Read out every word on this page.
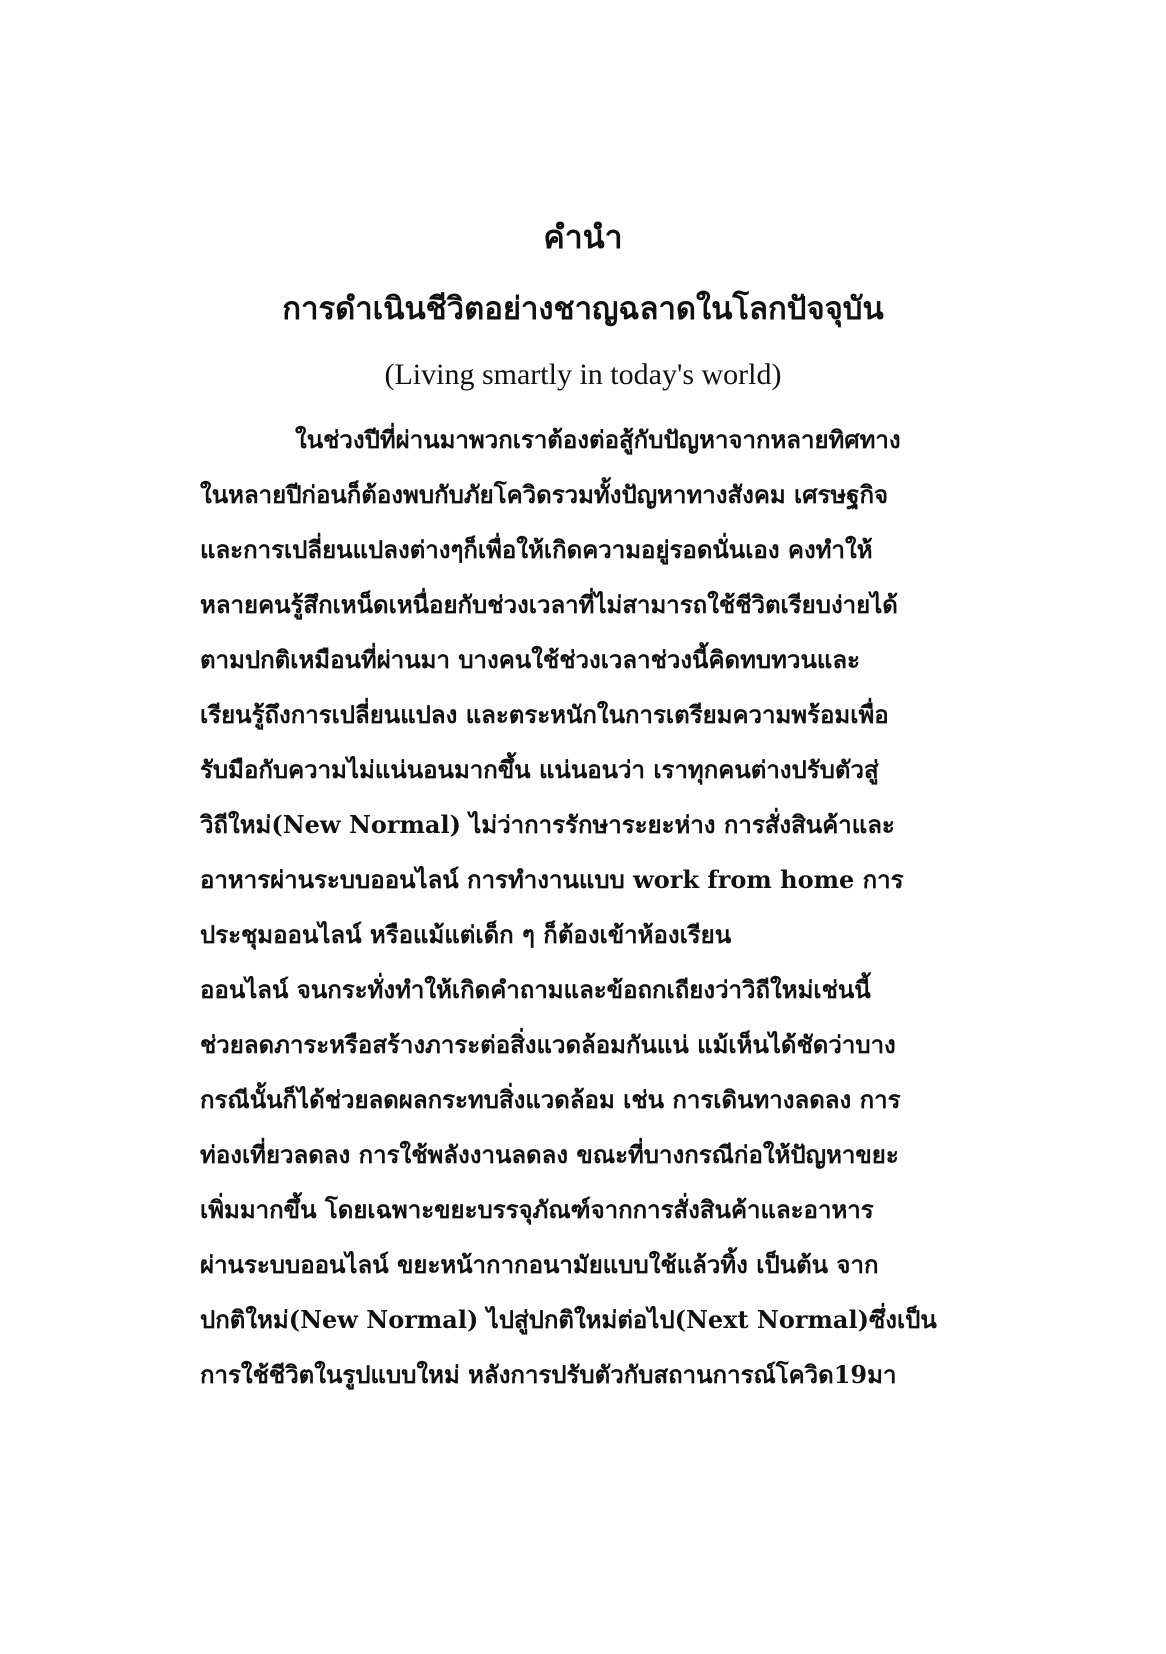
คำนำ
การดำเนินชีวิตอย่างชาญฉลาดในโลกปัจจุบัน

(Living smartly in today's world)

ในช่วงปีที่ผ่านมาพวกเราต้องต่อสู้กับปัญหาจากหลายทิศทาง
ในหลายปีก่อนก็ต้องพบกับภัยโควิดรวมทั้งปัญหาทางสังคม เศรษฐกิจ
และการเปลี่ยนแปลงต่างๆก็เพื่อให้เกิดความอยู่รอดนั่นเอง คงทำให้
หลายคนรู้สึกเหน็ดเหนื่อยกับช่วงเวลาที่ไม่สามารถใช้ชีวิตเรียบง่ายได้
ตามปกติเหมือนที่ผ่านมา บางคนใช้ช่วงเวลาช่วงนี้คิดทบทวนและ
เรียนรู้ถึงการเปลี่ยนแปลง และตระหนักในการเตรียมความพร้อมเพื่อ
รับมือกับความไม่แน่นอนมากขึ้น แน่นอนว่า เราทุกคนต่างปรับตัวสู่
วิถีใหม่(New Normal) ไม่ว่าการรักษาระยะห่าง การสั่งสินค้าและ
อาหารผ่านระบบออนไลน์ การทำงานแบบ work from home การ
ประชุมออนไลน์ หรือแม้แต่เด็ก ๆ ก็ต้องเข้าห้องเรียน
ออนไลน์ จนกระทั่งทำให้เกิดคำถามและข้อถกเถียงว่าวิถีใหม่เช่นนี้
ช่วยลดภาระหรือสร้างภาระต่อสิ่งแวดล้อมกันแน่ แม้เห็นได้ชัดว่าบาง
กรณีนั้นก็ได้ช่วยลดผลกระทบสิ่งแวดล้อม เช่น การเดินทางลดลง การ
ท่องเที่ยวลดลง การใช้พลังงานลดลง ขณะที่บางกรณีก่อให้ปัญหาขยะ
เพิ่มมากขึ้น โดยเฉพาะขยะบรรจุภัณฑ์จากการสั่งสินค้าและอาหาร
ผ่านระบบออนไลน์ ขยะหน้ากากอนามัยแบบใช้แล้วทิ้ง เป็นต้น จาก
ปกติใหม่(New Normal) ไปสู่ปกติใหม่ต่อไป(Next Normal)ซึ่งเป็น
การใช้ชีวิตในรูปแบบใหม่ หลังการปรับตัวกับสถานการณ์โควิด19มา
